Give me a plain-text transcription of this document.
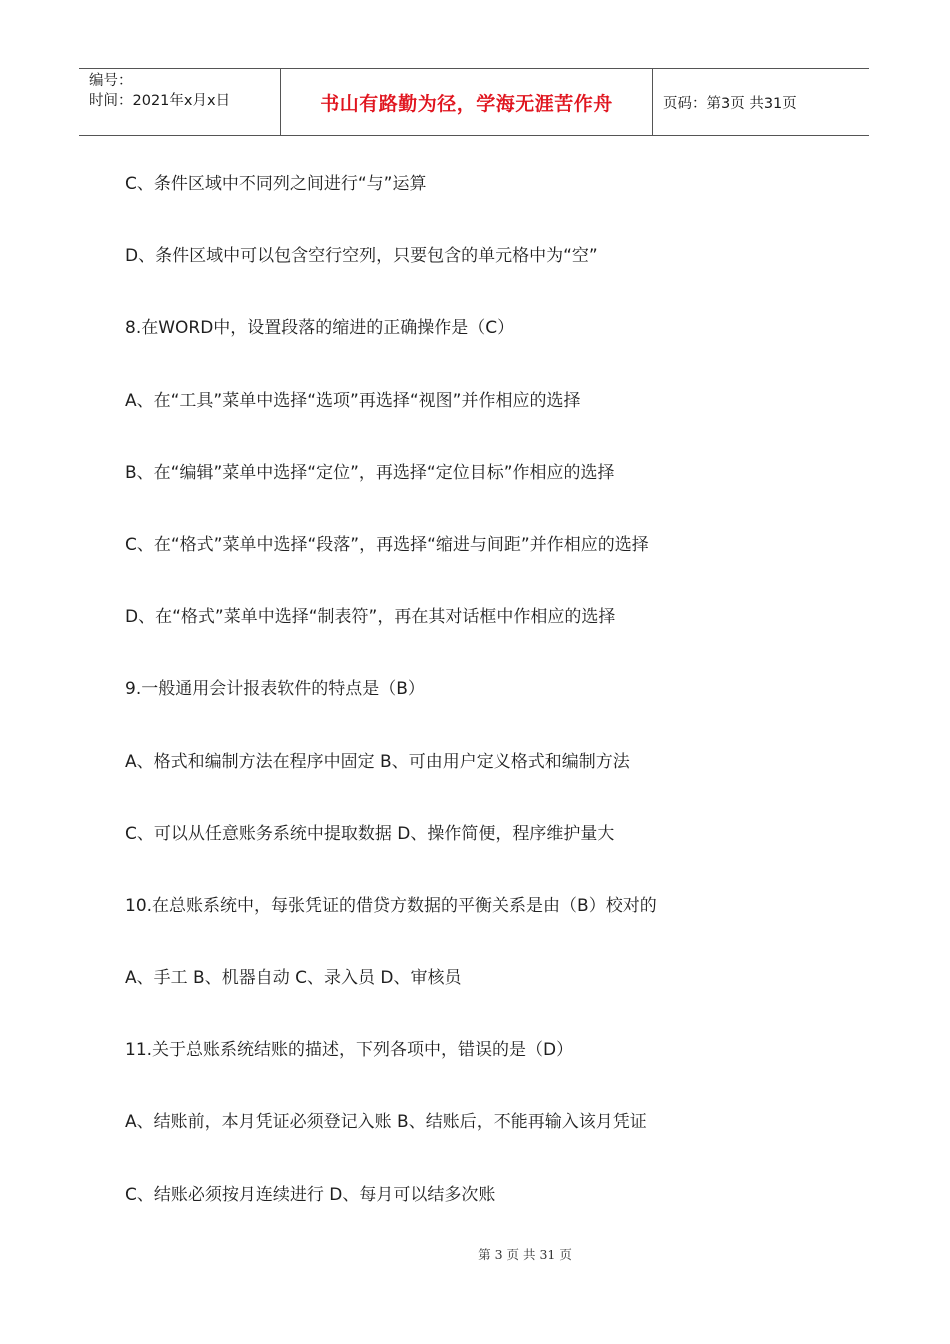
编号：
时间：2021年x月x日	书山有路勤为径，学海无涯苦作舟	页码：第3页 共31页
C、条件区域中不同列之间进行“与”运算
D、条件区域中可以包含空行空列，只要包含的单元格中为“空”
8.在WORD中，设置段落的缩进的正确操作是（C）
A、在“工具”菜单中选择“选项”再选择“视图”并作相应的选择
B、在“编辑”菜单中选择“定位”，再选择“定位目标”作相应的选择
C、在“格式”菜单中选择“段落”，再选择“缩进与间距”并作相应的选择
D、在“格式”菜单中选择“制表符”，再在其对话框中作相应的选择
9.一般通用会计报表软件的特点是（B）
A、格式和编制方法在程序中固定 B、可由用户定义格式和编制方法
C、可以从任意账务系统中提取数据 D、操作简便，程序维护量大
10.在总账系统中，每张凭证的借贷方数据的平衡关系是由（B）校对的
A、手工 B、机器自动 C、录入员 D、审核员
11.关于总账系统结账的描述，下列各项中，错误的是（D）
A、结账前，本月凭证必须登记入账 B、结账后，不能再输入该月凭证
C、结账必须按月连续进行 D、每月可以结多次账
第 3 页 共 31 页
